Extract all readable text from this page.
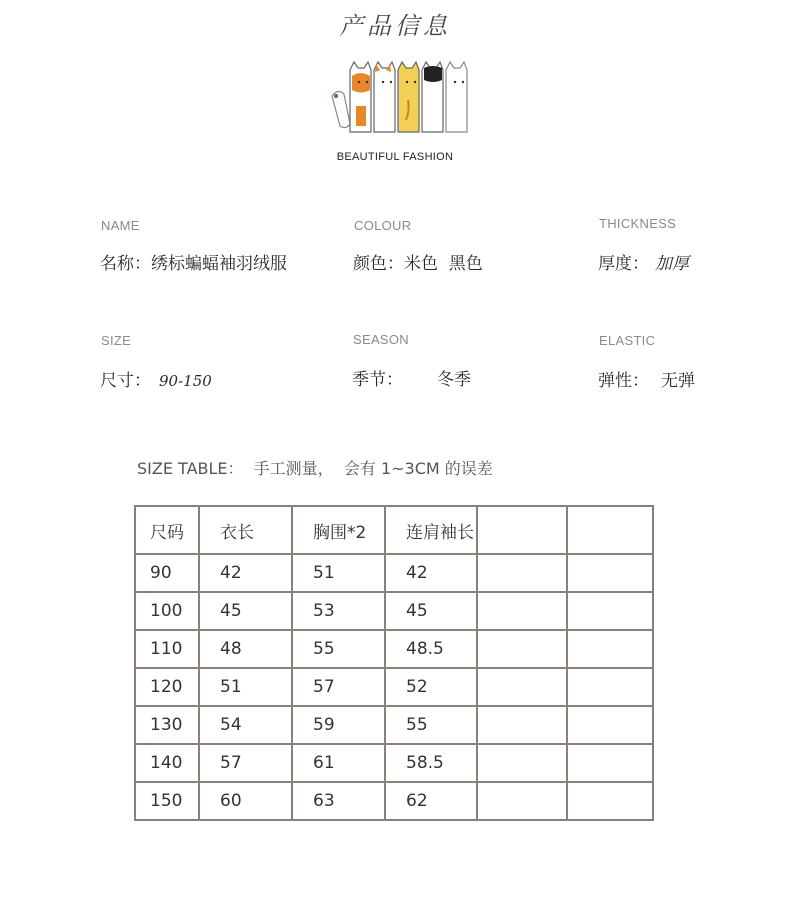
产品信息
BEAUTIFUL FASHION
NAME
名称：绣标蝙蝠袖羽绒服
COLOUR
颜色：米色  黑色
THICKNESS
厚度： 加厚
SIZE
尺寸： 90-150
SEASON
季节： 冬季
ELASTIC
弹性： 无弹
SIZE TABLE：  手工测量，  会有 1~3CM 的误差
尺码	衣长	胸围*2	连肩袖长		

90	42	51	42		

100	45	53	45		

110	48	55	48.5		

120	51	57	52		

130	54	59	55		

140	57	61	58.5		

150	60	63	62		
